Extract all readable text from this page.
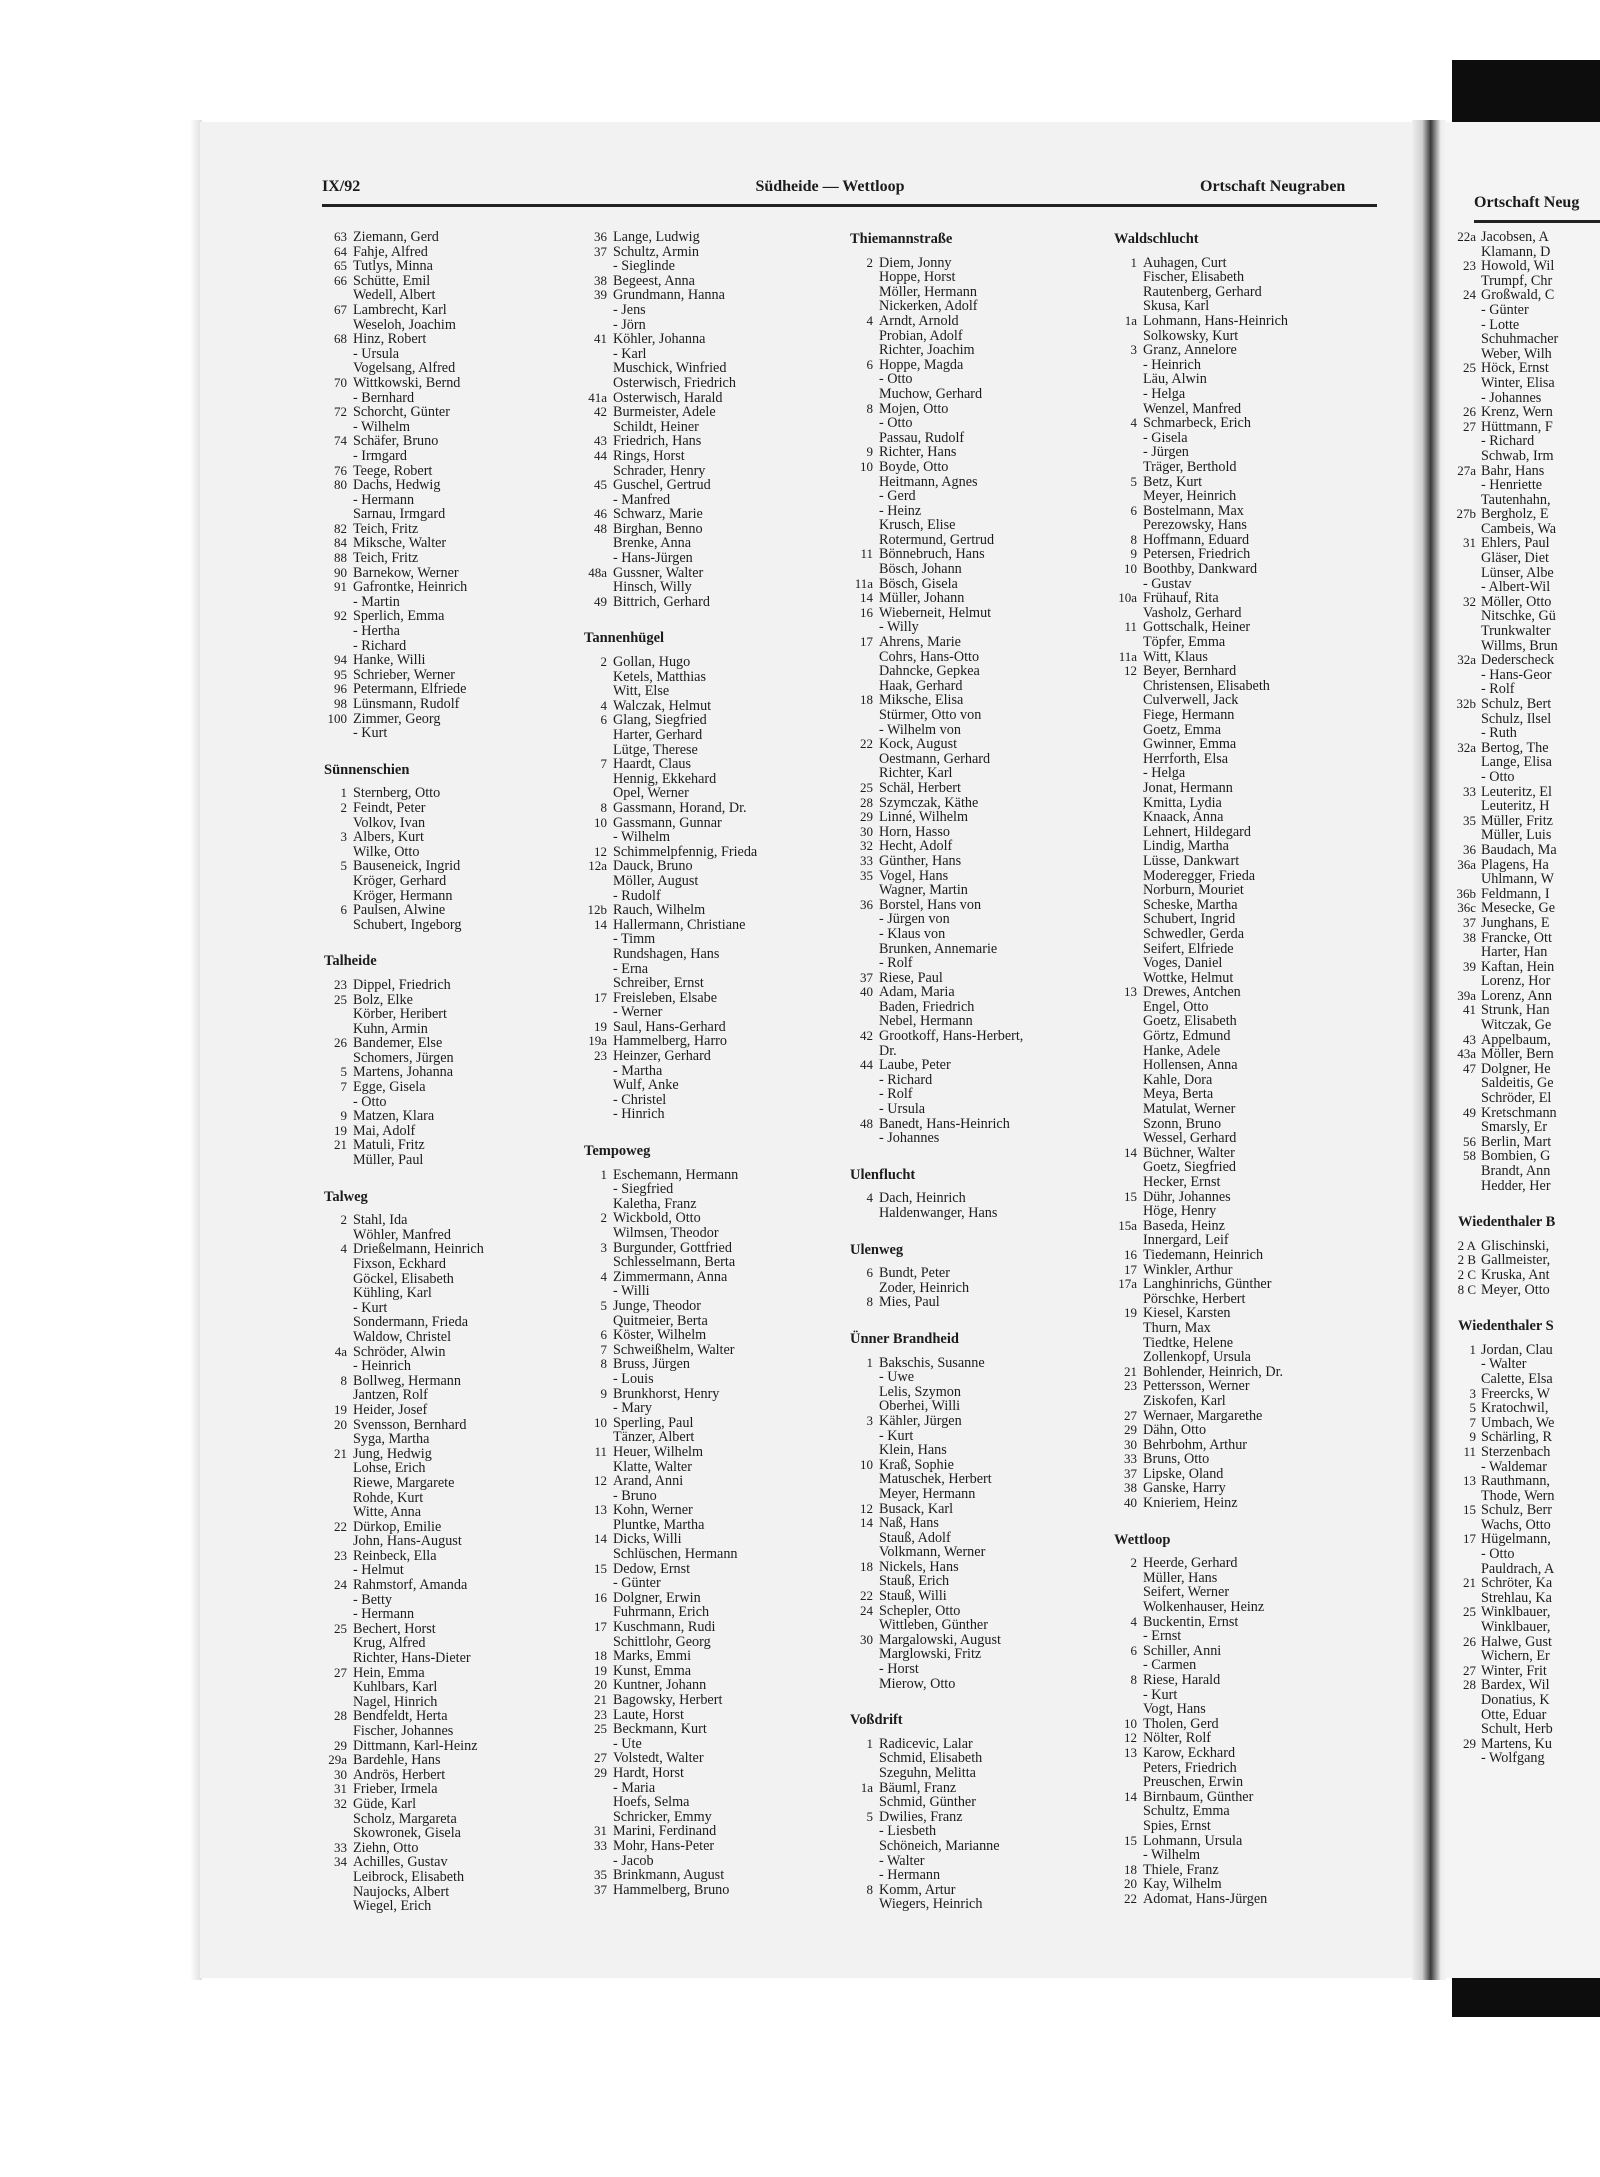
IX/92	Südheide — Wettloop	Ortschaft Neugraben
63 Ziemann, Gerd
64 Fahje, Alfred
65 Tutlys, Minna
66 Schütte, Emil
Wedell, Albert
67 Lambrecht, Karl
Weseloh, Joachim
68 Hinz, Robert
- Ursula
Vogelsang, Alfred
70 Wittkowski, Bernd
- Bernhard
72 Schorcht, Günter
- Wilhelm
74 Schäfer, Bruno
- Irmgard
76 Teege, Robert
80 Dachs, Hedwig
- Hermann
Sarnau, Irmgard
82 Teich, Fritz
84 Miksche, Walter
88 Teich, Fritz
90 Barnekow, Werner
91 Gafrontke, Heinrich
- Martin
92 Sperlich, Emma
- Hertha
- Richard
94 Hanke, Willi
95 Schrieber, Werner
96 Petermann, Elfriede
98 Lünsmann, Rudolf
100 Zimmer, Georg
- Kurt
Sünnenschien
1 Sternberg, Otto
2 Feindt, Peter
Volkov, Ivan
3 Albers, Kurt
Wilke, Otto
5 Bauseneick, Ingrid
Kröger, Gerhard
Kröger, Hermann
6 Paulsen, Alwine
Schubert, Ingeborg
Talheide
23 Dippel, Friedrich
25 Bolz, Elke
Körber, Heribert
Kuhn, Armin
26 Bandemer, Else
Schomers, Jürgen
5 Martens, Johanna
7 Egge, Gisela
- Otto
9 Matzen, Klara
19 Mai, Adolf
21 Matuli, Fritz
Müller, Paul
Talweg
2 Stahl, Ida
Wöhler, Manfred
4 Drießelmann, Heinrich
Fixson, Eckhard
Göckel, Elisabeth
Kühling, Karl
- Kurt
Sondermann, Frieda
Waldow, Christel
4a Schröder, Alwin
- Heinrich
8 Bollweg, Hermann
Jantzen, Rolf
19 Heider, Josef
20 Svensson, Bernhard
Syga, Martha
21 Jung, Hedwig
Lohse, Erich
Riewe, Margarete
Rohde, Kurt
Witte, Anna
22 Dürkop, Emilie
John, Hans-August
23 Reinbeck, Ella
- Helmut
24 Rahmstorf, Amanda
- Betty
- Hermann
25 Bechert, Horst
Krug, Alfred
Richter, Hans-Dieter
27 Hein, Emma
Kuhlbars, Karl
Nagel, Hinrich
28 Bendfeldt, Herta
Fischer, Johannes
29 Dittmann, Karl-Heinz
29a Bardehle, Hans
30 Andrös, Herbert
31 Frieber, Irmela
32 Güde, Karl
Scholz, Margareta
Skowronek, Gisela
33 Ziehn, Otto
34 Achilles, Gustav
Leibrock, Elisabeth
Naujocks, Albert
Wiegel, Erich
36 Lange, Ludwig
37 Schultz, Armin
- Sieglinde
38 Begeest, Anna
39 Grundmann, Hanna
- Jens
- Jörn
41 Köhler, Johanna
- Karl
Muschick, Winfried
Osterwisch, Friedrich
41a Osterwisch, Harald
42 Burmeister, Adele
Schildt, Heiner
43 Friedrich, Hans
44 Rings, Horst
Schrader, Henry
45 Guschel, Gertrud
- Manfred
46 Schwarz, Marie
48 Birghan, Benno
Brenke, Anna
- Hans-Jürgen
48a Gussner, Walter
Hinsch, Willy
49 Bittrich, Gerhard
Tannenhügel
2 Gollan, Hugo
Ketels, Matthias
Witt, Else
4 Walczak, Helmut
6 Glang, Siegfried
Harter, Gerhard
Lütge, Therese
7 Haardt, Claus
Hennig, Ekkehard
Opel, Werner
8 Gassmann, Horand, Dr.
10 Gassmann, Gunnar
- Wilhelm
12 Schimmelpfennig, Frieda
12a Dauck, Bruno
Möller, August
- Rudolf
12b Rauch, Wilhelm
14 Hallermann, Christiane
- Timm
Rundshagen, Hans
- Erna
Schreiber, Ernst
17 Freisleben, Elsabe
- Werner
19 Saul, Hans-Gerhard
19a Hammelberg, Harro
23 Heinzer, Gerhard
- Martha
Wulf, Anke
- Christel
- Hinrich
Tempoweg
1 Eschemann, Hermann
- Siegfried
Kaletha, Franz
2 Wickbold, Otto
Wilmsen, Theodor
3 Burgunder, Gottfried
Schlesselmann, Berta
4 Zimmermann, Anna
- Willi
5 Junge, Theodor
Quitmeier, Berta
6 Köster, Wilhelm
7 Schweißhelm, Walter
8 Bruss, Jürgen
- Louis
9 Brunkhorst, Henry
- Mary
10 Sperling, Paul
Tänzer, Albert
11 Heuer, Wilhelm
Klatte, Walter
12 Arand, Anni
- Bruno
13 Kohn, Werner
Pluntke, Martha
14 Dicks, Willi
Schlüschen, Hermann
15 Dedow, Ernst
- Günter
16 Dolgner, Erwin
Fuhrmann, Erich
17 Kuschmann, Rudi
Schittlohr, Georg
18 Marks, Emmi
19 Kunst, Emma
20 Kuntner, Johann
21 Bagowsky, Herbert
23 Laute, Horst
25 Beckmann, Kurt
- Ute
27 Volstedt, Walter
29 Hardt, Horst
- Maria
Hoefs, Selma
Schricker, Emmy
31 Marini, Ferdinand
33 Mohr, Hans-Peter
- Jacob
35 Brinkmann, August
37 Hammelberg, Bruno
Thiemannstraße
2 Diem, Jonny
Hoppe, Horst
Möller, Hermann
Nickerken, Adolf
4 Arndt, Arnold
Probian, Adolf
Richter, Joachim
6 Hoppe, Magda
- Otto
Muchow, Gerhard
8 Mojen, Otto
- Otto
Passau, Rudolf
9 Richter, Hans
10 Boyde, Otto
Heitmann, Agnes
- Gerd
- Heinz
Krusch, Elise
Rotermund, Gertrud
11 Bönnebruch, Hans
Bösch, Johann
11a Bösch, Gisela
14 Müller, Johann
16 Wieberneit, Helmut
- Willy
17 Ahrens, Marie
Cohrs, Hans-Otto
Dahncke, Gepkea
Haak, Gerhard
18 Miksche, Elisa
Stürmer, Otto von
- Wilhelm von
22 Kock, August
Oestmann, Gerhard
Richter, Karl
25 Schäl, Herbert
28 Szymczak, Käthe
29 Linné, Wilhelm
30 Horn, Hasso
32 Hecht, Adolf
33 Günther, Hans
35 Vogel, Hans
Wagner, Martin
36 Borstel, Hans von
- Jürgen von
- Klaus von
Brunken, Annemarie
- Rolf
37 Riese, Paul
40 Adam, Maria
Baden, Friedrich
Nebel, Hermann
42 Grootkoff, Hans-Herbert,
Dr.
44 Laube, Peter
- Richard
- Rolf
- Ursula
48 Banedt, Hans-Heinrich
- Johannes
Ulenflucht
4 Dach, Heinrich
Haldenwanger, Hans
Ulenweg
6 Bundt, Peter
Zoder, Heinrich
8 Mies, Paul
Ünner Brandheid
1 Bakschis, Susanne
- Uwe
Lelis, Szymon
Oberhei, Willi
3 Kähler, Jürgen
- Kurt
Klein, Hans
10 Kraß, Sophie
Matuschek, Herbert
Meyer, Hermann
12 Busack, Karl
14 Naß, Hans
Stauß, Adolf
Volkmann, Werner
18 Nickels, Hans
Stauß, Erich
22 Stauß, Willi
24 Schepler, Otto
Wittleben, Günther
30 Margalowski, August
Marglowski, Fritz
- Horst
Mierow, Otto
Voßdrift
1 Radicevic, Lalar
Schmid, Elisabeth
Szeguhn, Melitta
1a Bäuml, Franz
Schmid, Günther
5 Dwilies, Franz
- Liesbeth
Schöneich, Marianne
- Walter
- Hermann
8 Komm, Artur
Wiegers, Heinrich
Waldschlucht
1 Auhagen, Curt
Fischer, Elisabeth
Rautenberg, Gerhard
Skusa, Karl
1a Lohmann, Hans-Heinrich
Solkowsky, Kurt
3 Granz, Annelore
- Heinrich
Läu, Alwin
- Helga
Wenzel, Manfred
4 Schmarbeck, Erich
- Gisela
- Jürgen
Träger, Berthold
5 Betz, Kurt
Meyer, Heinrich
6 Bostelmann, Max
Perezowsky, Hans
8 Hoffmann, Eduard
9 Petersen, Friedrich
10 Boothby, Dankward
- Gustav
10a Frühauf, Rita
Vasholz, Gerhard
11 Gottschalk, Heiner
Töpfer, Emma
11a Witt, Klaus
12 Beyer, Bernhard
Christensen, Elisabeth
Culverwell, Jack
Fiege, Hermann
Goetz, Emma
Gwinner, Emma
Herrforth, Elsa
- Helga
Jonat, Hermann
Kmitta, Lydia
Knaack, Anna
Lehnert, Hildegard
Lindig, Martha
Lüsse, Dankwart
Moderegger, Frieda
Norburn, Mouriet
Scheske, Martha
Schubert, Ingrid
Schwedler, Gerda
Seifert, Elfriede
Voges, Daniel
Wottke, Helmut
13 Drewes, Antchen
Engel, Otto
Goetz, Elisabeth
Görtz, Edmund
Hanke, Adele
Hollensen, Anna
Kahle, Dora
Meya, Berta
Matulat, Werner
Szonn, Bruno
Wessel, Gerhard
14 Büchner, Walter
Goetz, Siegfried
Hecker, Ernst
15 Dühr, Johannes
Höge, Henry
15a Baseda, Heinz
Innergard, Leif
16 Tiedemann, Heinrich
17 Winkler, Arthur
17a Langhinrichs, Günther
Pörschke, Herbert
19 Kiesel, Karsten
Thurn, Max
Tiedtke, Helene
Zollenkopf, Ursula
21 Bohlender, Heinrich, Dr.
23 Pettersson, Werner
Ziskofen, Karl
27 Wernaer, Margarethe
29 Dähn, Otto
30 Behrbohm, Arthur
33 Bruns, Otto
37 Lipske, Oland
38 Ganske, Harry
40 Knieriem, Heinz
Wettloop
2 Heerde, Gerhard
Müller, Hans
Seifert, Werner
Wolkenhauser, Heinz
4 Buckentin, Ernst
- Ernst
6 Schiller, Anni
- Carmen
8 Riese, Harald
- Kurt
Vogt, Hans
10 Tholen, Gerd
12 Nölter, Rolf
13 Karow, Eckhard
Peters, Friedrich
Preuschen, Erwin
14 Birnbaum, Günther
Schultz, Emma
Spies, Ernst
15 Lohmann, Ursula
- Wilhelm
18 Thiele, Franz
20 Kay, Wilhelm
22 Adomat, Hans-Jürgen
Ortschaft Neug
22a Jacobsen, A
Klamann, D
23 Howold, Wil
Trumpf, Chr
24 Großwald, C
- Günter
- Lotte
Schuhmacher
Weber, Wilh
25 Höck, Ernst
Winter, Elisa
- Johannes
26 Krenz, Wern
27 Hüttmann, F
- Richard
Schwab, Irm
27a Bahr, Hans
- Henriette
Tautenhahn,
27b Bergholz, E
Cambeis, Wa
31 Ehlers, Paul
Gläser, Diet
Lünser, Albe
- Albert-Wil
32 Möller, Otto
Nitschke, Gü
Trunkwalter
Willms, Brun
32a Dederscheck
- Hans-Geor
- Rolf
32b Schulz, Bert
Schulz, Ilsel
- Ruth
32a Bertog, The
Lange, Elisa
- Otto
33 Leuteritz, El
Leuteritz, H
35 Müller, Fritz
Müller, Luis
36 Baudach, Ma
36a Plagens, Ha
Uhlmann, W
36b Feldmann, I
36c Mesecke, Ge
37 Junghans, E
38 Francke, Ott
Harter, Han
39 Kaftan, Hein
Lorenz, Hor
39a Lorenz, Ann
41 Strunk, Han
Witczak, Ge
43 Appelbaum,
43a Möller, Bern
47 Dolgner, He
Saldeitis, Ge
Schröder, El
49 Kretschmann
Smarsly, Er
56 Berlin, Mart
58 Bombien, G
Brandt, Ann
Hedder, Her
Wiedenthaler B
2 A Glischinski,
2 B Gallmeister,
2 C Kruska, Ant
8 C Meyer, Otto
Wiedenthaler S
1 Jordan, Clau
- Walter
Calette, Elsa
3 Freercks, W
5 Kratochwil,
7 Umbach, We
9 Schärling, R
11 Sterzenbach
- Waldemar
13 Rauthmann,
Thode, Wern
15 Schulz, Berr
Wachs, Otto
17 Hügelmann,
- Otto
Pauldrach, A
21 Schröter, Ka
Strehlau, Ka
25 Winklbauer,
Winklbauer,
26 Halwe, Gust
Wichern, Er
27 Winter, Frit
28 Bardex, Wil
Donatius, K
Otte, Eduar
Schult, Herb
29 Martens, Ku
- Wolfgang
